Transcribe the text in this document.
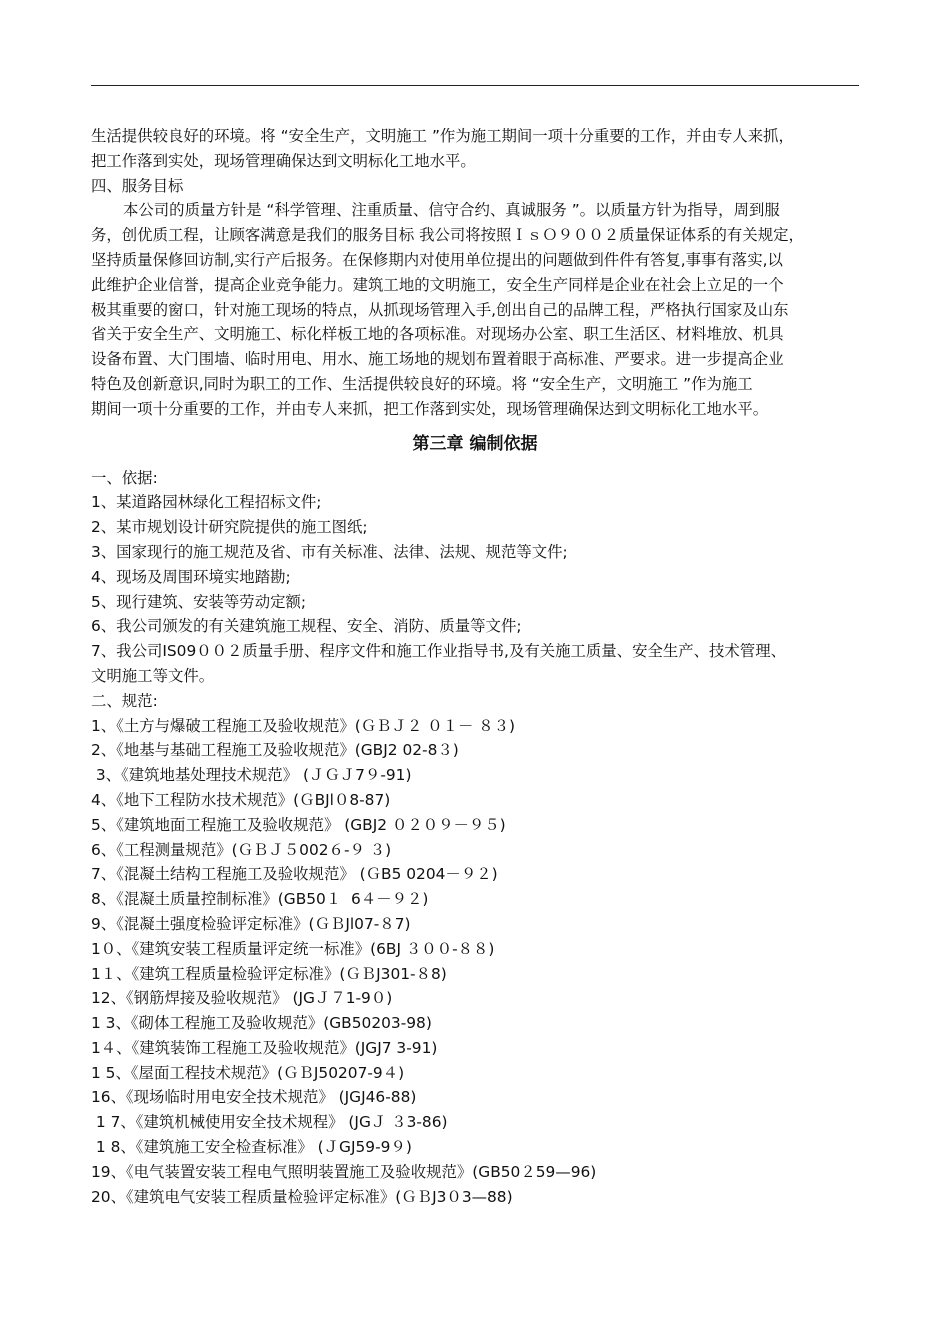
生活提供较良好的环境。将 “安全生产，文明施工 ”作为施工期间一项十分重要的工作，并由专人来抓，
把工作落到实处，现场管理确保达到文明标化工地水平。
四、服务目标
本公司的质量方针是 “科学管理、注重质量、信守合约、真诚服务 ”。以质量方针为指导，周到服
务，创优质工程，让顾客满意是我们的服务目标 我公司将按照ＩｓＯ９００２质量保证体系的有关规定，
坚持质量保修回访制,实行产后报务。在保修期内对使用单位提出的问题做到件件有答复,事事有落实,以
此维护企业信誉，提高企业竞争能力。建筑工地的文明施工，安全生产同样是企业在社会上立足的一个
极其重要的窗口，针对施工现场的特点，从抓现场管理入手,创出自己的品牌工程，严格执行国家及山东
省关于安全生产、文明施工、标化样板工地的各项标准。对现场办公室、职工生活区、材料堆放、机具
设备布置、大门围墙、临时用电、用水、施工场地的规划布置着眼于高标准、严要求。进一步提高企业
特色及创新意识,同时为职工的工作、生活提供较良好的环境。将 “安全生产，文明施工 ”作为施工
期间一项十分重要的工作，并由专人来抓，把工作落到实处，现场管理确保达到文明标化工地水平。
第三章 编制依据
一、依据:
1、某道路园林绿化工程招标文件;
2、某市规划设计研究院提供的施工图纸;
3、国家现行的施工规范及省、市有关标准、法律、法规、规范等文件;
4、现场及周围环境实地踏勘;
5、现行建筑、安装等劳动定额;
6、我公司颁发的有关建筑施工规程、安全、消防、质量等文件;
7、我公司IS09００２质量手册、程序文件和施工作业指导书,及有关施工质量、安全生产、技术管理、
文明施工等文件。
二、规范:
1、《土方与爆破工程施工及验收规范》(ＧＢＪ２ ０１－ ８３)
2、《地基与基础工程施工及验收规范》(GBJ2 02-8３)
3、《建筑地基处理技术规范》 (ＪＧＪ7９-91)
4、《地下工程防水技术规范》(ＧBJl０8-87)
5、《建筑地面工程施工及验收规范》 (GBJ2 ０２０９－９５)
6、《工程测量规范》(ＧＢＪ５002６-９ ３)
7、《混凝土结构工程施工及验收规范》 (ＧB5 0204－９２)
8、《混凝土质量控制标准》(GB50１  6４－９２)
9、《混凝土强度检验评定标准》(ＧＢJl07-８7)
1０、《建筑安装工程质量评定统一标准》(6BJ ３００-８８)
1１、《建筑工程质量检验评定标准》(ＧＢJ301-８8)
12、《钢筋焊接及验收规范》 (JGＪ７1-9０)
1 3、《砌体工程施工及验收规范》(GB50203-98)
1４、《建筑装饰工程施工及验收规范》(JGJ7 3-91)
1 5、《屋面工程技术规范》(ＧＢJ50207-9４)
16、《现场临时用电安全技术规范》 (JGJ46-88)
1 7、《建筑机械使用安全技术规程》 (JGＪ ３3-86)
1 8、《建筑施工安全检查标准》 (ＪGJ59-9９)
19、《电气装置安装工程电气照明装置施工及验收规范》(GB50２59—96)
20、《建筑电气安装工程质量检验评定标准》(ＧＢJ3０3—88)
